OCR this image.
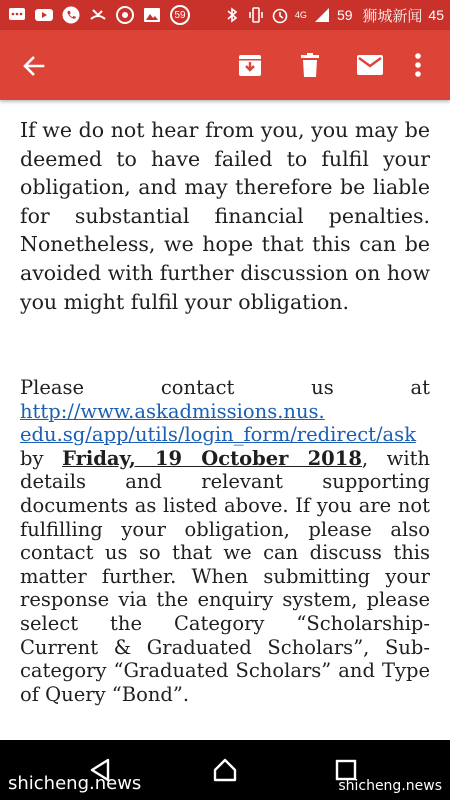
59	4G 59 狮城新闻 45

If we do not hear from you, you may be deemed to have failed to fulfil your obligation, and may therefore be liable for substantial financial penalties. Nonetheless, we hope that this can be avoided with further discussion on how you might fulfil your obligation.

Please contact us at http://www.askadmissions.nus.
edu.sg/app/utils/login_form/redirect/ask by Friday, 19 October 2018, with details and relevant supporting documents as listed above. If you are not fulfilling your obligation, please also contact us so that we can discuss this matter further. When submitting your response via the enquiry system, please select the Category “Scholarship-Current & Graduated Scholars”, Sub-category “Graduated Scholars” and Type of Query “Bond”.

shicheng.news	shicheng.news
